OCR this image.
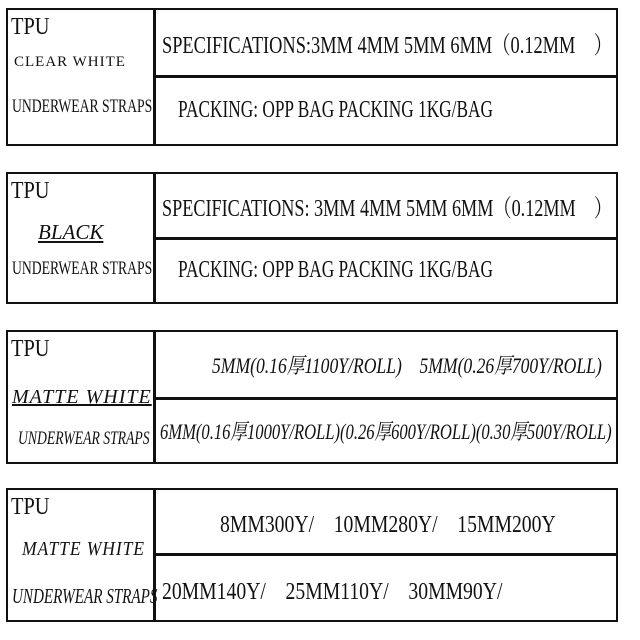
TPU
CLEAR WHITE
UNDERWEAR STRAPS
SPECIFICATIONS:3MM 4MM 5MM 6MM（0.12MM　）
PACKING: OPP BAG PACKING 1KG/BAG
TPU
BLACK
UNDERWEAR STRAPS
SPECIFICATIONS: 3MM 4MM 5MM 6MM（0.12MM　）
PACKING: OPP BAG PACKING 1KG/BAG
TPU
MATTE WHITE
UNDERWEAR STRAPS
5MM(0.16厚1100Y/ROLL)　5MM(0.26厚700Y/ROLL)
6MM(0.16厚1000Y/ROLL)(0.26厚600Y/ROLL)(0.30厚500Y/ROLL)
TPU
MATTE WHITE
UNDERWEAR STRAPS
8MM300Y/　10MM280Y/　15MM200Y
20MM140Y/　25MM110Y/　30MM90Y/
